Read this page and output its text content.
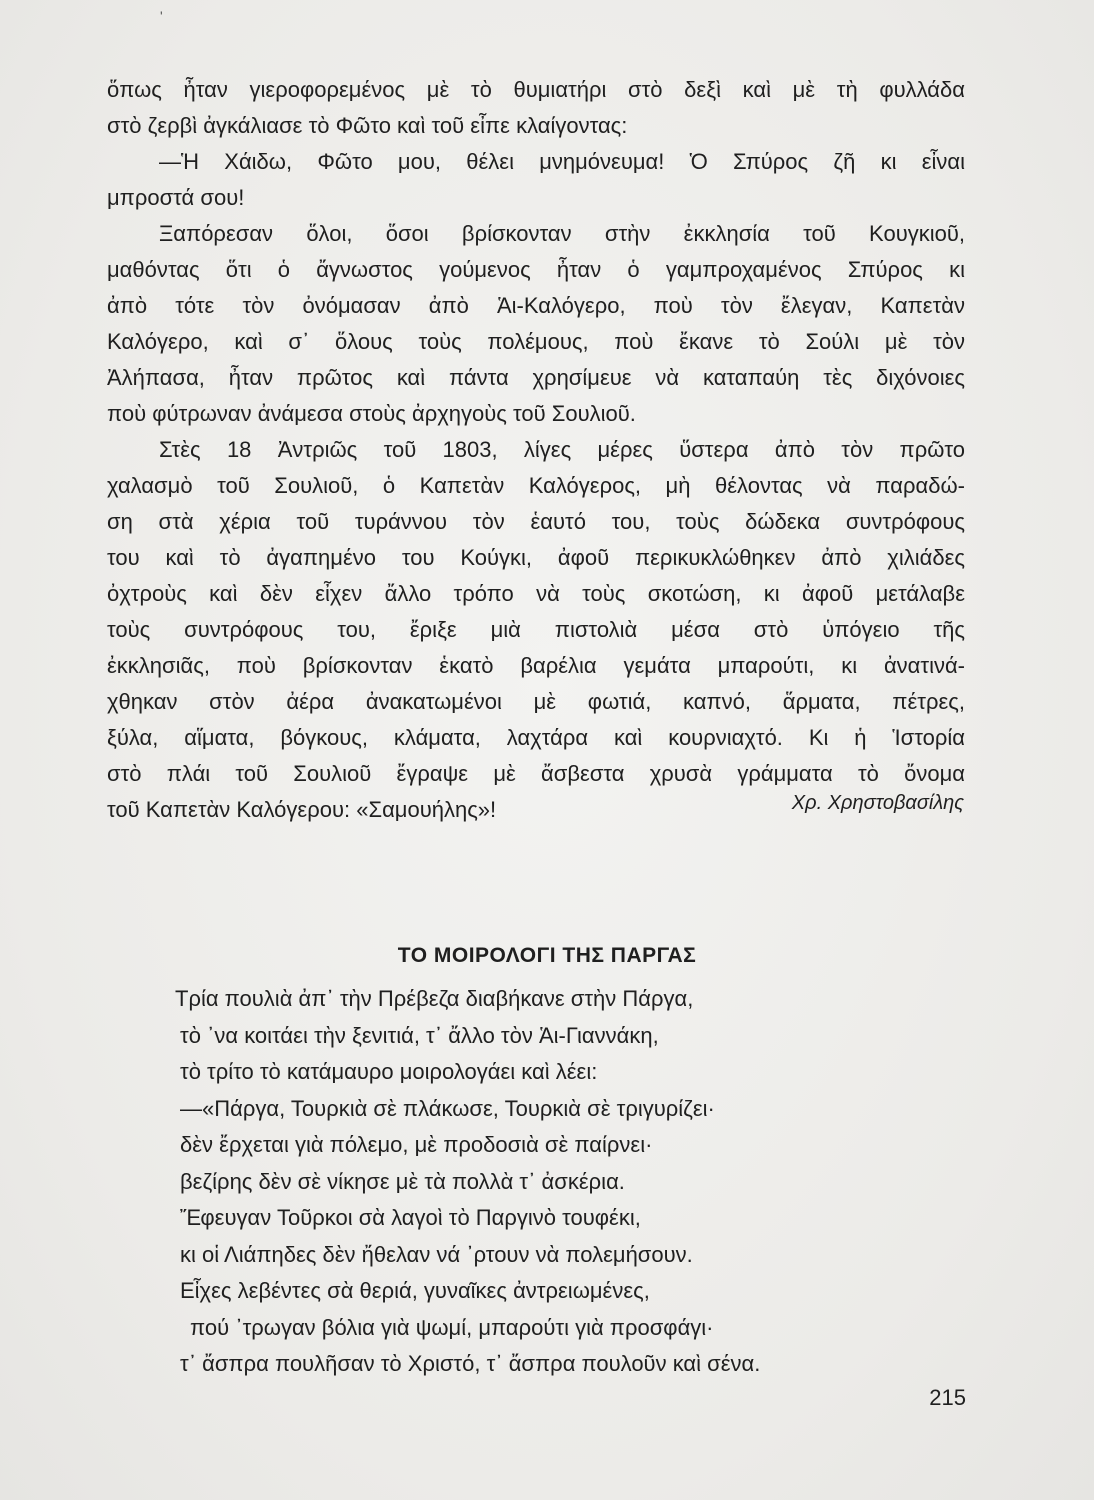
'
ὅπως ἦταν γιεροφορεμένος μὲ τὸ θυμιατήρι στὸ δεξὶ καὶ μὲ τὴ φυλλάδα
στὸ ζερβὶ ἀγκάλιασε τὸ Φῶτο καὶ τοῦ εἶπε κλαίγοντας:
—Ἡ Χάιδω, Φῶτο μου, θέλει μνημόνευμα! Ὁ Σπύρος ζῆ κι εἶναι
μπροστά σου!
Ξαπόρεσαν ὅλοι, ὅσοι βρίσκονταν στὴν ἐκκλησία τοῦ Κουγκιοῦ,
μαθόντας ὅτι ὁ ἄγνωστος γούμενος ἦταν ὁ γαμπροχαμένος Σπύρος κι
ἀπὸ τότε τὸν ὀνόμασαν ἀπὸ Ἁι-Καλόγερο, ποὺ τὸν ἔλεγαν, Καπετὰν
Καλόγερο, καὶ σ᾽ ὅλους τοὺς πολέμους, ποὺ ἔκανε τὸ Σούλι μὲ τὸν
Ἀλήπασα, ἦταν πρῶτος καὶ πάντα χρησίμευε νὰ καταπαύη τὲς διχόνοιες
ποὺ φύτρωναν ἀνάμεσα στοὺς ἀρχηγοὺς τοῦ Σουλιοῦ.
Στὲς 18 Ἀντριῶς τοῦ 1803, λίγες μέρες ὕστερα ἀπὸ τὸν πρῶτο
χαλασμὸ τοῦ Σουλιοῦ, ὁ Καπετὰν Καλόγερος, μὴ θέλοντας νὰ παραδώ-
ση στὰ χέρια τοῦ τυράννου τὸν ἑαυτό του, τοὺς δώδεκα συντρόφους
του καὶ τὸ ἀγαπημένο του Κούγκι, ἀφοῦ περικυκλώθηκεν ἀπὸ χιλιάδες
ὀχτροὺς καὶ δὲν εἶχεν ἄλλο τρόπο νὰ τοὺς σκοτώση, κι ἀφοῦ μετάλαβε
τοὺς συντρόφους του, ἔριξε μιὰ πιστολιὰ μέσα στὸ ὑπόγειο τῆς
ἐκκλησιᾶς, ποὺ βρίσκονταν ἑκατὸ βαρέλια γεμάτα μπαρούτι, κι ἀνατινά-
χθηκαν στὸν ἀέρα ἀνακατωμένοι μὲ φωτιά, καπνό, ἅρματα, πέτρες,
ξύλα, αἵματα, βόγκους, κλάματα, λαχτάρα καὶ κουρνιαχτό. Κι ἡ Ἱστορία
στὸ πλάι τοῦ Σουλιοῦ ἔγραψε μὲ ἄσβεστα χρυσὰ γράμματα τὸ ὄνομα
τοῦ Καπετὰν Καλόγερου: «Σαμουήλης»!	Χρ. Χρηστοβασίλης
ΤΟ ΜΟΙΡΟΛΟΓΙ ΤΗΣ ΠΑΡΓΑΣ
Τρία πουλιὰ ἀπ᾽ τὴν Πρέβεζα διαβήκανε στὴν Πάργα,
τὸ ᾽να κοιτάει τὴν ξενιτιά, τ᾽ ἄλλο τὸν Ἁι-Γιαννάκη,
τὸ τρίτο τὸ κατάμαυρο μοιρολογάει καὶ λέει:
—«Πάργα, Τουρκιὰ σὲ πλάκωσε, Τουρκιὰ σὲ τριγυρίζει·
δὲν ἔρχεται γιὰ πόλεμο, μὲ προδοσιὰ σὲ παίρνει·
βεζίρης δὲν σὲ νίκησε μὲ τὰ πολλὰ τ᾽ ἀσκέρια.
Ἔφευγαν Τοῦρκοι σὰ λαγοὶ τὸ Παργινὸ τουφέκι,
κι οἱ Λιάπηδες δὲν ἤθελαν νά ᾽ρτουν νὰ πολεμήσουν.
Εἶχες λεβέντες σὰ θεριά, γυναῖκες ἀντρειωμένες,
πού ᾽τρωγαν βόλια γιὰ ψωμί, μπαρούτι γιὰ προσφάγι·
τ᾽ ἄσπρα πουλῆσαν τὸ Χριστό, τ᾽ ἄσπρα πουλοῦν καὶ σένα.
215
